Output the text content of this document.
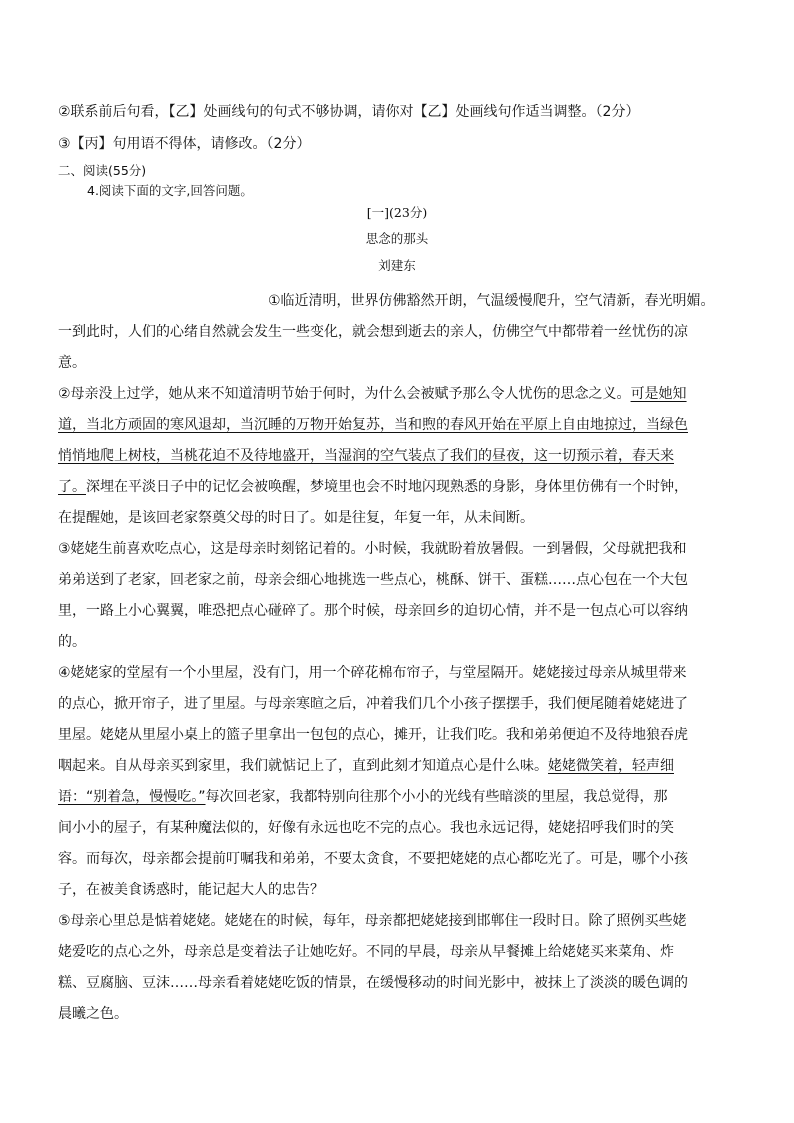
②联系前后句看，【乙】处画线句的句式不够协调，请你对【乙】处画线句作适当调整。（2分）
③【丙】句用语不得体，请修改。（2分）
二、阅读(55分)
4.阅读下面的文字,回答问题。
[一](23分)
思念的那头
刘建东
①临近清明，世界仿佛豁然开朗，气温缓慢爬升，空气清新，春光明媚。
一到此时，人们的心绪自然就会发生一些变化，就会想到逝去的亲人，仿佛空气中都带着一丝忧伤的凉
意。
②母亲没上过学，她从来不知道清明节始于何时，为什么会被赋予那么令人忧伤的思念之义。可是她知
道，当北方顽固的寒风退却，当沉睡的万物开始复苏，当和煦的春风开始在平原上自由地掠过，当绿色
悄悄地爬上树枝，当桃花迫不及待地盛开，当湿润的空气装点了我们的昼夜，这一切预示着，春天来
了。深埋在平淡日子中的记忆会被唤醒，梦境里也会不时地闪现熟悉的身影，身体里仿佛有一个时钟，
在提醒她，是该回老家祭奠父母的时日了。如是往复，年复一年，从未间断。
③姥姥生前喜欢吃点心，这是母亲时刻铭记着的。小时候，我就盼着放暑假。一到暑假，父母就把我和
弟弟送到了老家，回老家之前，母亲会细心地挑选一些点心，桃酥、饼干、蛋糕……点心包在一个大包
里，一路上小心翼翼，唯恐把点心碰碎了。那个时候，母亲回乡的迫切心情，并不是一包点心可以容纳
的。
④姥姥家的堂屋有一个小里屋，没有门，用一个碎花棉布帘子，与堂屋隔开。姥姥接过母亲从城里带来
的点心，掀开帘子，进了里屋。与母亲寒暄之后，冲着我们几个小孩子摆摆手，我们便尾随着姥姥进了
里屋。姥姥从里屋小桌上的篮子里拿出一包包的点心，摊开，让我们吃。我和弟弟便迫不及待地狼吞虎
咽起来。自从母亲买到家里，我们就惦记上了，直到此刻才知道点心是什么味。姥姥微笑着，轻声细
语：“别着急，慢慢吃。”每次回老家，我都特别向往那个小小的光线有些暗淡的里屋，我总觉得，那
间小小的屋子，有某种魔法似的，好像有永远也吃不完的点心。我也永远记得，姥姥招呼我们时的笑
容。而每次，母亲都会提前叮嘱我和弟弟，不要太贪食，不要把姥姥的点心都吃光了。可是，哪个小孩
子，在被美食诱惑时，能记起大人的忠告？
⑤母亲心里总是惦着姥姥。姥姥在的时候，每年，母亲都把姥姥接到邯郸住一段时日。除了照例买些姥
姥爱吃的点心之外，母亲总是变着法子让她吃好。不同的早晨，母亲从早餐摊上给姥姥买来菜角、炸
糕、豆腐脑、豆沫……母亲看着姥姥吃饭的情景，在缓慢移动的时间光影中，被抹上了淡淡的暖色调的
晨曦之色。
